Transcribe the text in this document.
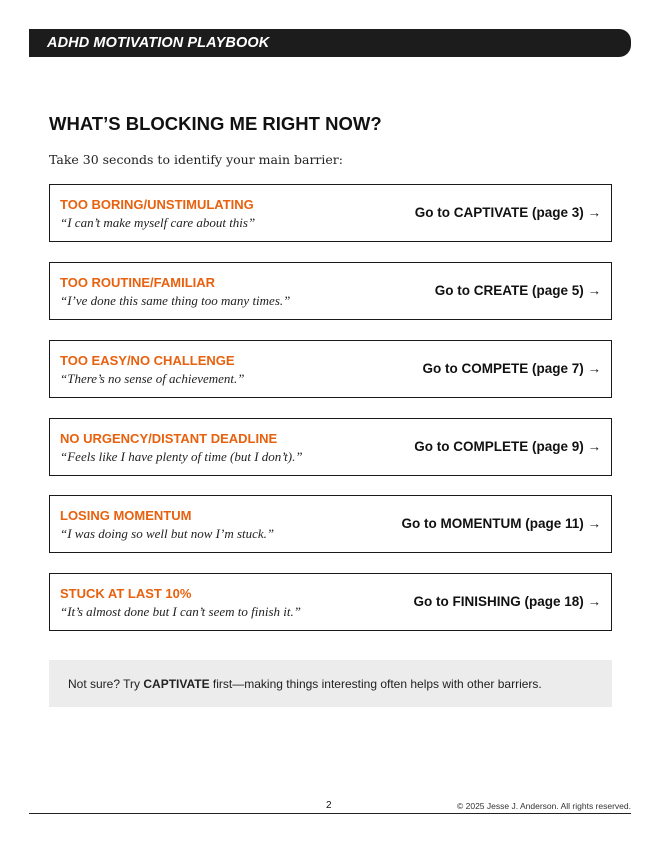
ADHD MOTIVATION PLAYBOOK
WHAT’S BLOCKING ME RIGHT NOW?
Take 30 seconds to identify your main barrier:
TOO BORING/UNSTIMULATING
“I can’t make myself care about this”
Go to CAPTIVATE (page 3) →
TOO ROUTINE/FAMILIAR
“I’ve done this same thing too many times.”
Go to CREATE (page 5) →
TOO EASY/NO CHALLENGE
“There’s no sense of achievement.”
Go to COMPETE (page 7) →
NO URGENCY/DISTANT DEADLINE
“Feels like I have plenty of time (but I don’t).”
Go to COMPLETE (page 9) →
LOSING MOMENTUM
“I was doing so well but now I’m stuck.”
Go to MOMENTUM (page 11) →
STUCK AT LAST 10%
“It’s almost done but I can’t seem to finish it.”
Go to FINISHING (page 18) →
Not sure? Try CAPTIVATE first—making things interesting often helps with other barriers.
2	© 2025 Jesse J. Anderson. All rights reserved.
